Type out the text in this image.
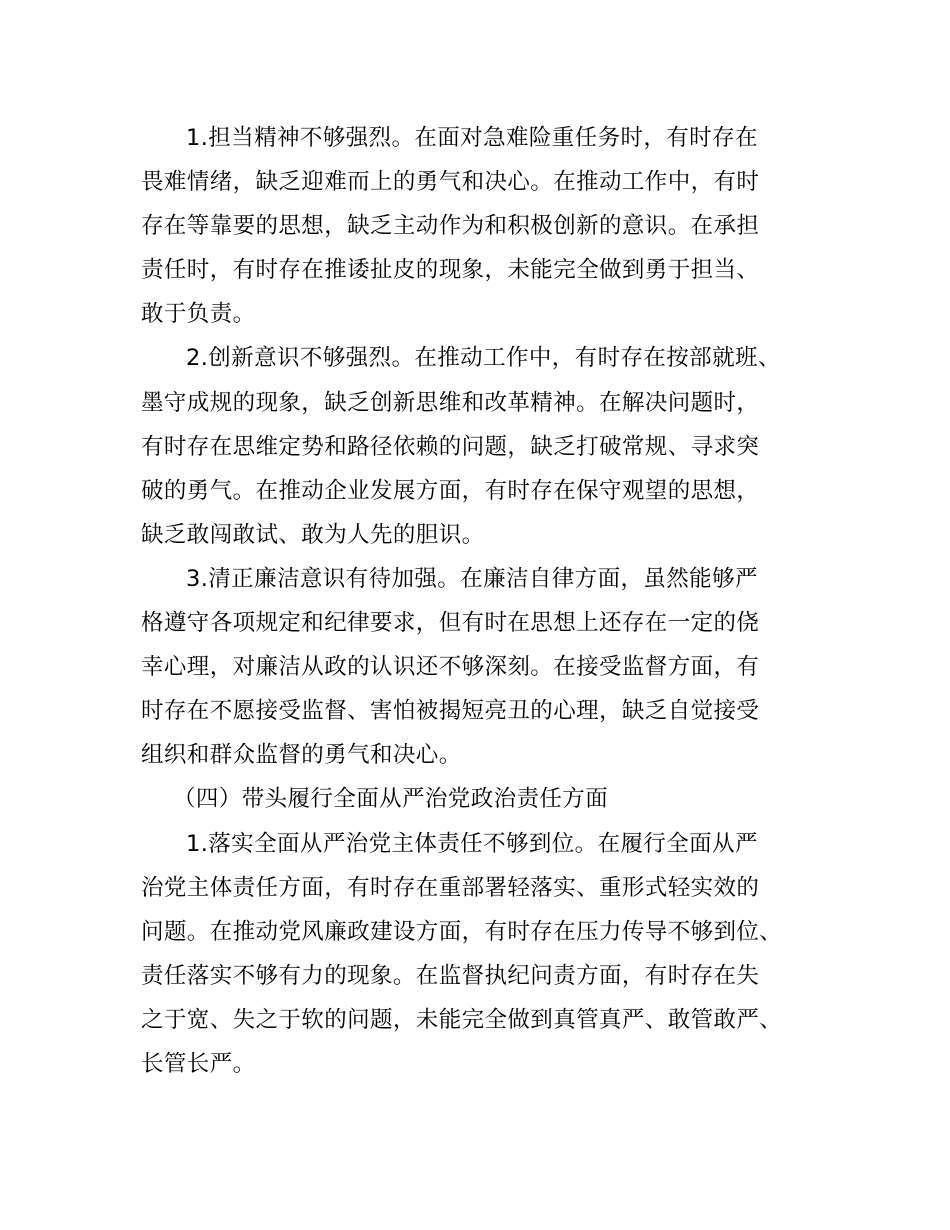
1.担当精神不够强烈。在面对急难险重任务时，有时存在
畏难情绪，缺乏迎难而上的勇气和决心。在推动工作中，有时
存在等靠要的思想，缺乏主动作为和积极创新的意识。在承担
责任时，有时存在推诿扯皮的现象，未能完全做到勇于担当、
敢于负责。

2.创新意识不够强烈。在推动工作中，有时存在按部就班、
墨守成规的现象，缺乏创新思维和改革精神。在解决问题时，
有时存在思维定势和路径依赖的问题，缺乏打破常规、寻求突
破的勇气。在推动企业发展方面，有时存在保守观望的思想，
缺乏敢闯敢试、敢为人先的胆识。

3.清正廉洁意识有待加强。在廉洁自律方面，虽然能够严
格遵守各项规定和纪律要求，但有时在思想上还存在一定的侥
幸心理，对廉洁从政的认识还不够深刻。在接受监督方面，有
时存在不愿接受监督、害怕被揭短亮丑的心理，缺乏自觉接受
组织和群众监督的勇气和决心。

（四）带头履行全面从严治党政治责任方面

1.落实全面从严治党主体责任不够到位。在履行全面从严
治党主体责任方面，有时存在重部署轻落实、重形式轻实效的
问题。在推动党风廉政建设方面，有时存在压力传导不够到位、
责任落实不够有力的现象。在监督执纪问责方面，有时存在失
之于宽、失之于软的问题，未能完全做到真管真严、敢管敢严、
长管长严。
